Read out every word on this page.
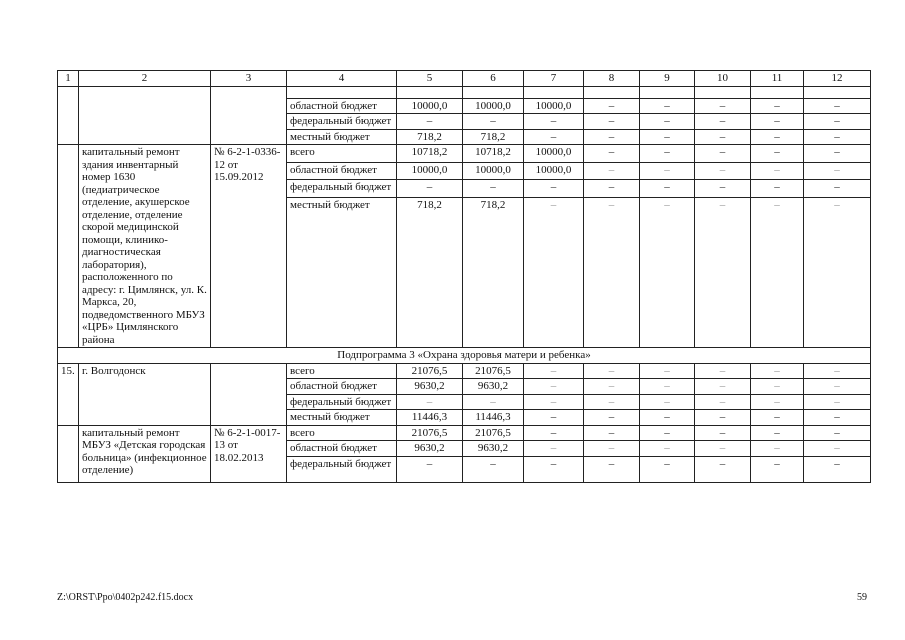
1	2	3	4	5	6	7	8	9	10	11	12

			областной бюджет	10000,0	10000,0	10000,0	–	–	–	–	–
			федеральный бюджет	–	–	–	–	–	–	–	–
			местный бюджет	718,2	718,2	–	–	–	–	–	–
	капитальный ремонт здания инвентарный номер 1630 (педиатрическое отделение, акушерское отделение, отделение скорой медицинской помощи, клинико-диагностическая лаборатория), расположенного по адресу: г. Цимлянск, ул. К. Маркса, 20, подведомственного МБУЗ «ЦРБ» Цимлянского района	№ 6-2-1-0336-12 от 15.09.2012	всего	10718,2	10718,2	10000,0	–	–	–	–	–
			областной бюджет	10000,0	10000,0	10000,0	–	–	–	–	–
			федеральный бюджет	–	–	–	–	–	–	–	–
			местный бюджет	718,2	718,2	–	–	–	–	–	–
Подпрограмма 3 «Охрана здоровья матери и ребенка»											
15.	г. Волгодонск		всего	21076,5	21076,5	–	–	–	–	–	–
			областной бюджет	9630,2	9630,2	–	–	–	–	–	–
			федеральный бюджет	–	–	–	–	–	–	–	–
			местный бюджет	11446,3	11446,3	–	–	–	–	–	–
	капитальный ремонт МБУЗ «Детская городская больница» (инфекционное отделение)	№ 6-2-1-0017-13 от 18.02.2013	всего	21076,5	21076,5	–	–	–	–	–	–
			областной бюджет	9630,2	9630,2	–	–	–	–	–	–
			федеральный бюджет	–	–	–	–	–	–	–	–
Z:\ORST\Ppo\0402p242.f15.docx	59
